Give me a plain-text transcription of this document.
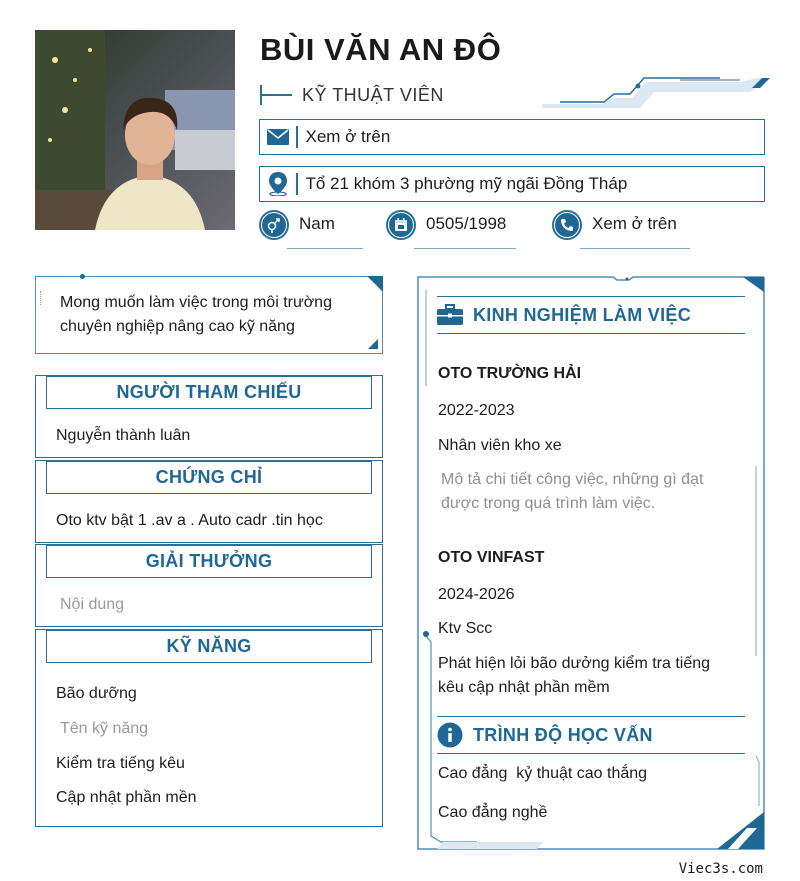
BÙI VĂN AN ĐÔ
KỸ THUẬT VIÊN
Xem ở trên
Tổ 21 khóm 3 phường mỹ ngãi Đồng Tháp
Nam	0505/1998	Xem ở trên
Mong muốn làm việc trong môi trường chuyên nghiệp nâng cao kỹ năng
NGƯỜI THAM CHIẾU
Nguyễn thành luân
CHỨNG CHỈ
Oto ktv bật 1 .av a . Auto cadr .tin học
GIẢI THƯỞNG
Nội dung
KỸ NĂNG
Bão dưỡng
Tên kỹ năng
Kiểm tra tiếng kêu
Cập nhật phần mền
KINH NGHIỆM LÀM VIỆC
OTO TRƯỜNG HẢI
2022-2023
Nhân viên kho xe
Mô tả chi tiết công việc, những gì đạt được trong quá trình làm việc.
OTO VINFAST
2024-2026
Ktv Scc
Phát hiện lỏi bão dưởng kiểm tra tiếng kêu cập nhật phần mềm
TRÌNH ĐỘ HỌC VẤN
Cao đẳng  kỷ thuật cao thắng
Cao đẳng nghề
Viec3s.com
